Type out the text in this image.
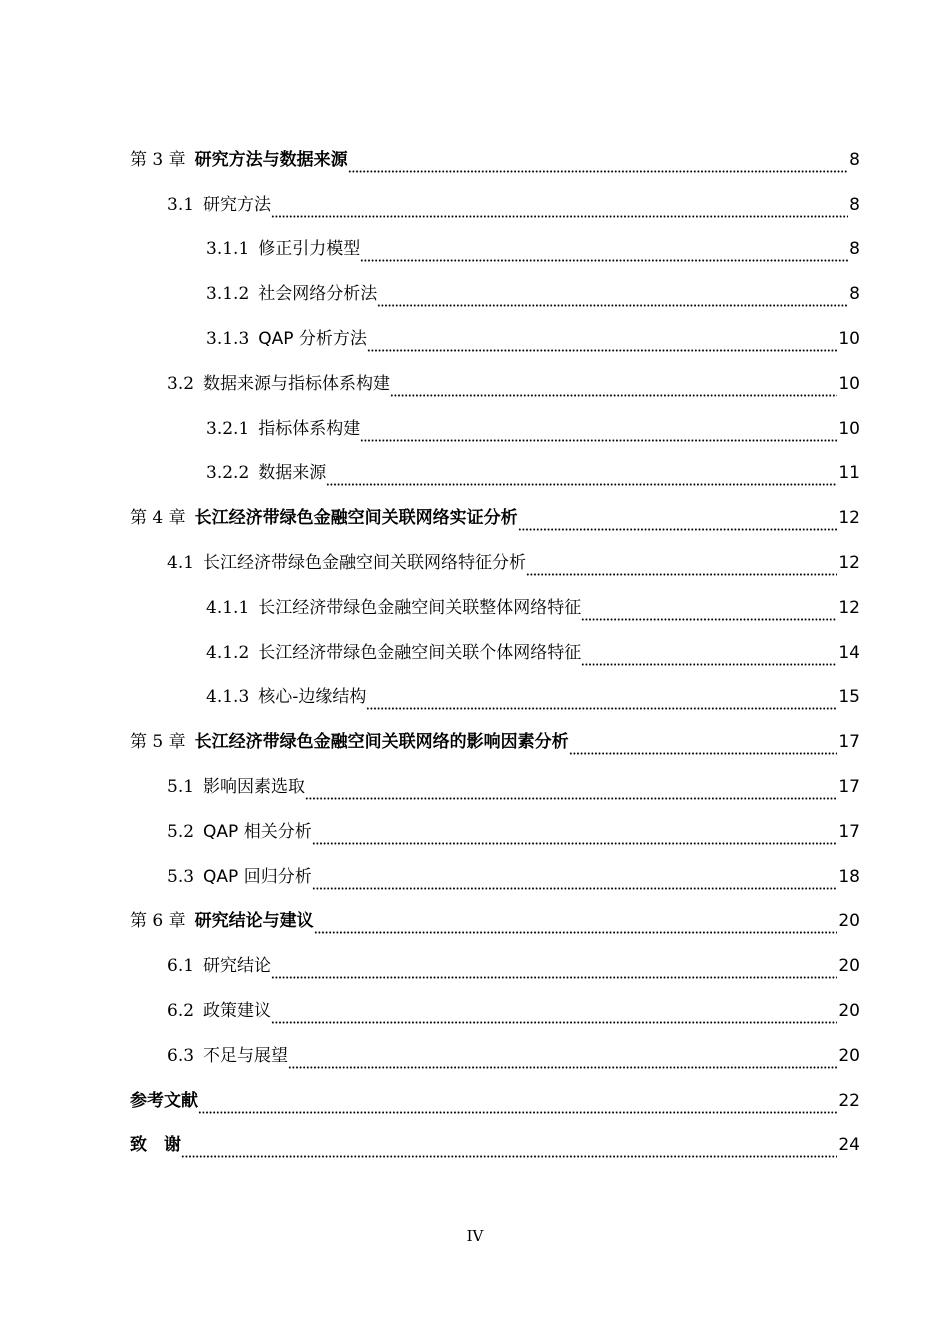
第 3 章 研究方法与数据来源	8
3.1 研究方法	8
3.1.1 修正引力模型	8
3.1.2 社会网络分析法	8
3.1.3 QAP 分析方法	10
3.2 数据来源与指标体系构建	10
3.2.1 指标体系构建	10
3.2.2 数据来源	11
第 4 章 长江经济带绿色金融空间关联网络实证分析	12
4.1 长江经济带绿色金融空间关联网络特征分析	12
4.1.1 长江经济带绿色金融空间关联整体网络特征	12
4.1.2 长江经济带绿色金融空间关联个体网络特征	14
4.1.3 核心-边缘结构	15
第 5 章 长江经济带绿色金融空间关联网络的影响因素分析	17
5.1 影响因素选取	17
5.2 QAP 相关分析	17
5.3 QAP 回归分析	18
第 6 章 研究结论与建议	20
6.1 研究结论	20
6.2 政策建议	20
6.3 不足与展望	20
参考文献	22
致　谢	24
IV
